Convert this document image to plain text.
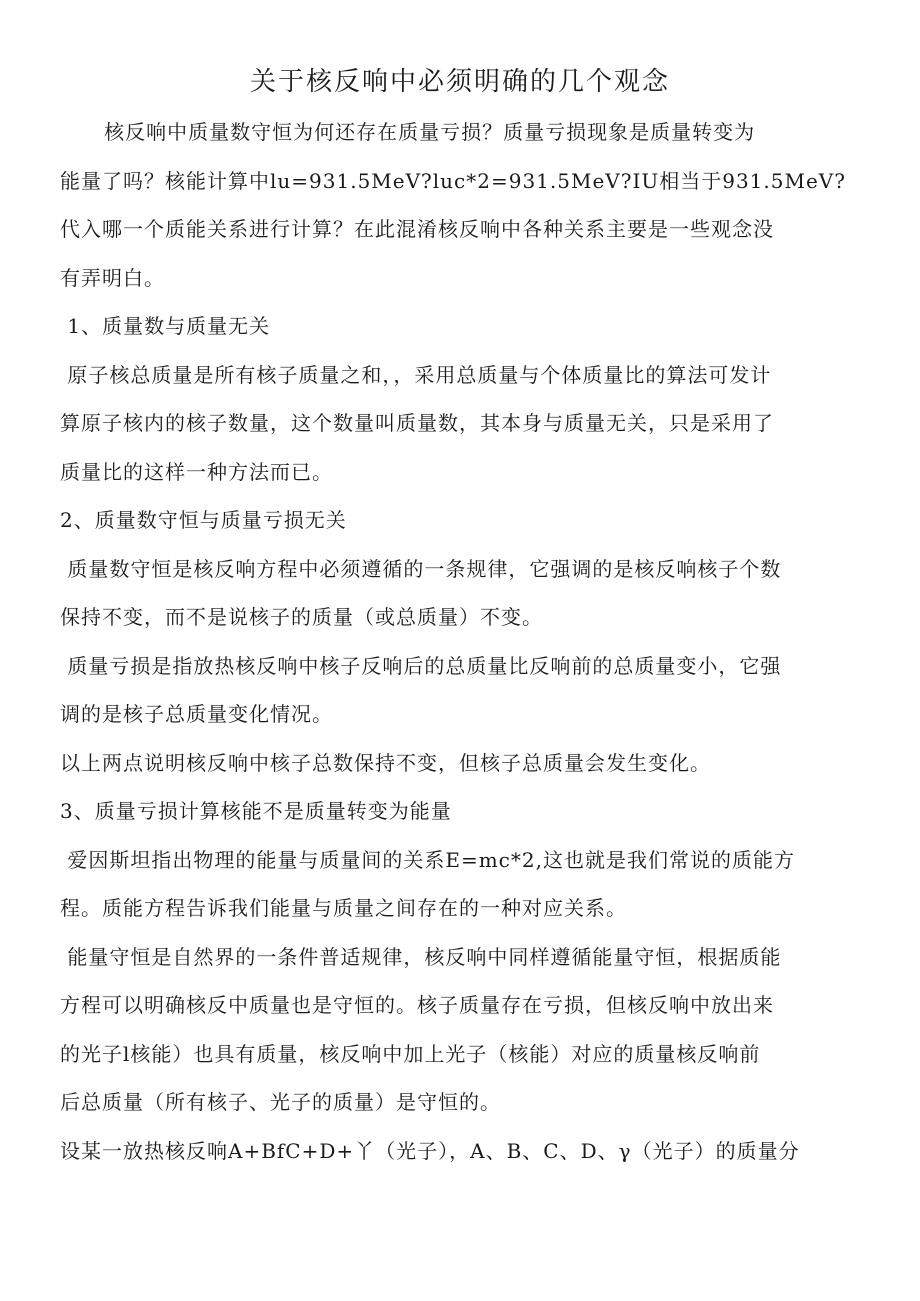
关于核反响中必须明确的几个观念
核反响中质量数守恒为何还存在质量亏损？质量亏损现象是质量转变为
能量了吗？核能计算中lu=931.5MeV?luc*2=931.5MeV?IU相当于931.5MeV?
代入哪一个质能关系进行计算？在此混淆核反响中各种关系主要是一些观念没
有弄明白。
1、质量数与质量无关
原子核总质量是所有核子质量之和，，采用总质量与个体质量比的算法可发计
算原子核内的核子数量，这个数量叫质量数，其本身与质量无关，只是采用了
质量比的这样一种方法而已。
2、质量数守恒与质量亏损无关
质量数守恒是核反响方程中必须遵循的一条规律，它强调的是核反响核子个数
保持不变，而不是说核子的质量（或总质量）不变。
质量亏损是指放热核反响中核子反响后的总质量比反响前的总质量变小，它强
调的是核子总质量变化情况。
以上两点说明核反响中核子总数保持不变，但核子总质量会发生变化。
3、质量亏损计算核能不是质量转变为能量
爱因斯坦指出物理的能量与质量间的关系E=mc*2,这也就是我们常说的质能方
程。质能方程告诉我们能量与质量之间存在的一种对应关系。
能量守恒是自然界的一条件普适规律，核反响中同样遵循能量守恒，根据质能
方程可以明确核反中质量也是守恒的。核子质量存在亏损，但核反响中放出来
的光子l核能）也具有质量，核反响中加上光子（核能）对应的质量核反响前
后总质量（所有核子、光子的质量）是守恒的。
设某一放热核反响A+BfC+D+丫（光子），A、B、C、D、γ（光子）的质量分
